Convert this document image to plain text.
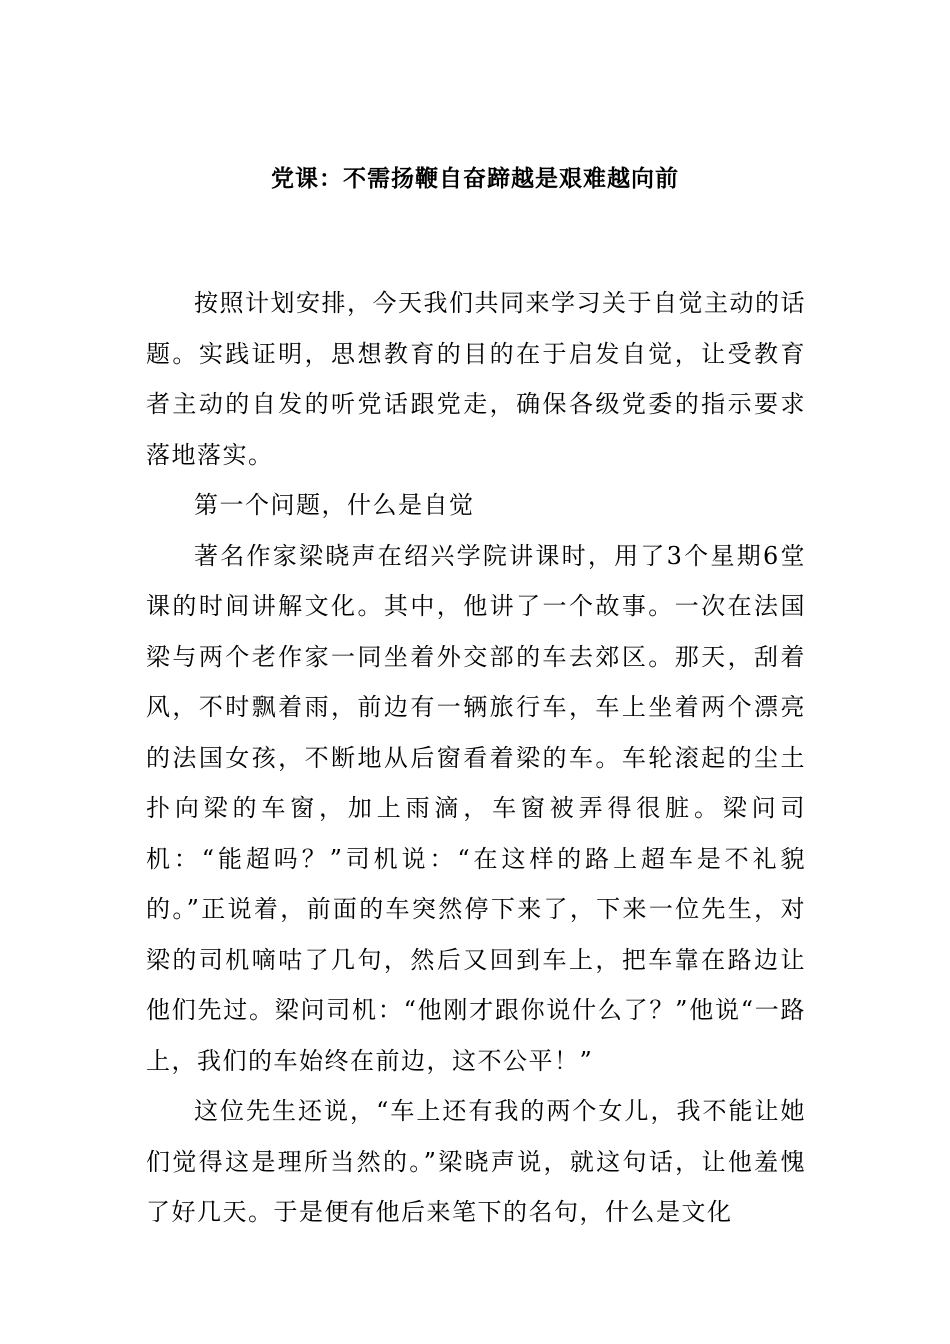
党课：不需扬鞭自奋蹄越是艰难越向前

按照计划安排，今天我们共同来学习关于自觉主动的话题。实践证明，思想教育的目的在于启发自觉，让受教育者主动的自发的听党话跟党走，确保各级党委的指示要求落地落实。

第一个问题，什么是自觉

著名作家梁晓声在绍兴学院讲课时，用了3个星期6堂课的时间讲解文化。其中，他讲了一个故事。一次在法国梁与两个老作家一同坐着外交部的车去郊区。那天，刮着风，不时飘着雨，前边有一辆旅行车，车上坐着两个漂亮的法国女孩，不断地从后窗看着梁的车。车轮滚起的尘土扑向梁的车窗，加上雨滴，车窗被弄得很脏。梁问司机：“能超吗？”司机说：“在这样的路上超车是不礼貌的。”正说着，前面的车突然停下来了，下来一位先生，对梁的司机嘀咕了几句，然后又回到车上，把车靠在路边让他们先过。梁问司机：“他刚才跟你说什么了？”他说“一路上，我们的车始终在前边，这不公平！”

这位先生还说，“车上还有我的两个女儿，我不能让她们觉得这是理所当然的。”梁晓声说，就这句话，让他羞愧了好几天。于是便有他后来笔下的名句，什么是文化
